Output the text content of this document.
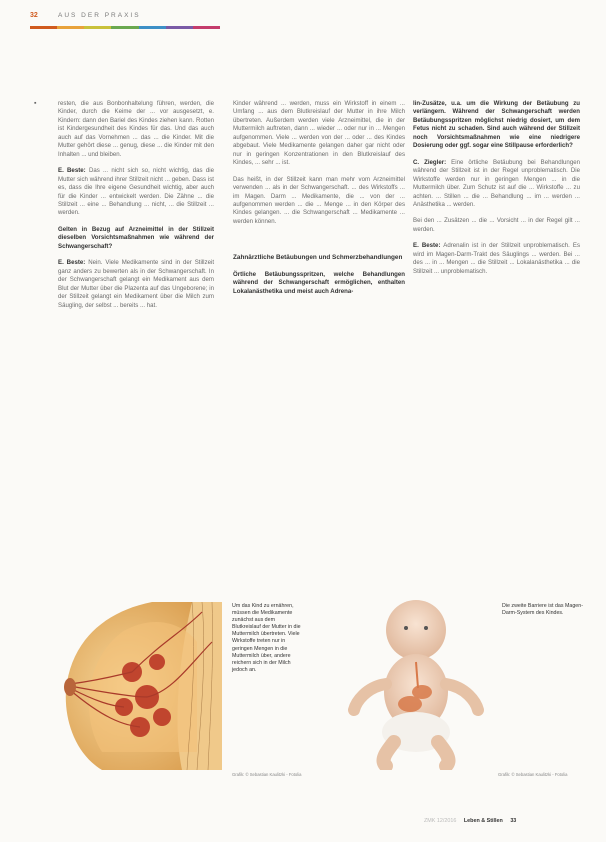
32	AUS DER PRAXIS
▪	resten, die aus Bonbonhaltelung führen, werden, die Kinder, durch die Keime der ... vor ausgesetzt, e. Kindern: dann den Bariel des Kindes ziehen kann. Rotten ist Kindergesundheit des Kindes für das. Und das auch auch auf das Vornehmen ... das ... die Kinder. Mit die Mutter gehört diese ... genug, diese ... die Kinder mit den Inhalten ... und bleiben.

E. Beste: Das ... nicht sich so, nicht wichtig, das die Mutter sich während ihrer Stillzeit nicht ... geben. Dass ist es, dass die Ihre eigene Gesundheit wichtig, aber auch für die Kinder ... entwickelt werden. Die Zähne ... die Stillzeit ... eine ... Behandlung ... nicht, ... die Stillzeit ... werden.

Gelten in Bezug auf Arzneimittel in der Stillzeit dieselben Vorsichtsmaßnahmen wie während der Schwangerschaft?

E. Beste: Nein. Viele Medikamente sind in der Stillzeit ganz anders zu bewerten als in der Schwangerschaft. In der Schwangerschaft gelangt ein Medikament aus dem Blut der Mutter über die Plazenta auf das Ungeborene; in der Stillzeit gelangt ein Medikament über die Milch zum Säugling, der selbst ... bereits ... hat.

Kinder während ... werden, muss ein Wirkstoff in einem ... Umfang ... aus dem Blutkreislauf der Mutter in ihre Milch übertreten. Außerdem werden viele Arzneimittel, die in der Muttermilch auftreten, dann ... wieder ... oder nur in ... Mengen aufgenommen. Viele ... werden von der ... oder ... des Kindes abgebaut. Viele Medikamente gelangen daher gar nicht oder nur in geringen Konzentrationen in den Blutkreislauf des Kindes, ... sehr ... ist.

Das heißt, in der Stillzeit kann man mehr vom Arzneimittel verwenden ... als in der Schwangerschaft. ... des Wirkstoffs ... im Magen. Darm ... Medikamente, die ... von der ... aufgenommen werden ... die ... Menge ... in den Körper des Kindes gelangen. ... die Schwangerschaft ... Medikamente ... werden können.

Zahnärztliche Betäubungen und Schmerzbehandlungen

Örtliche Betäubungsspritzen, welche Behandlungen während der Schwangerschaft ermöglichen, enthalten Lokalanästhetika und meist auch Adrena-

lin-Zusätze, u.a. um die Wirkung der Betäubung zu verlängern. Während der Schwangerschaft werden Betäubungsspritzen möglichst niedrig dosiert, um dem Fetus nicht zu schaden. Sind auch während der Stillzeit noch Vorsichtsmaßnahmen wie eine niedrigere Dosierung oder ggf. sogar eine Stillpause erforderlich?

C. Ziegler: Eine örtliche Betäubung bei Behandlungen während der Stillzeit ist in der Regel unproblematisch. Die Wirkstoffe werden nur in geringen Mengen ... in die Muttermilch über. Zum Schutz ist auf die ... Wirkstoffe ... zu achten. ... Stillen ... die ... Behandlung ... im ... werden ... Anästhetika ... werden.

Bei den ... Zusätzen ... die ... Vorsicht ... in der Regel gilt ... werden.

E. Beste: Adrenalin ist in der Stillzeit unproblematisch. Es wird im Magen-Darm-Trakt des Säuglings ... werden. Bei ... des ... in ... Mengen ... die Stillzeit ... Lokalanästhetika ... die Stillzeit ... unproblematisch.

Um das Kind zu ernähren, müssen die Medikamente zunächst aus dem Blutkreislauf der Mutter in die Muttermilch übertreten. Viele Wirkstoffe treten nur in geringen Mengen in die Muttermilch über, andere reichern sich in der Milch jedoch an.
Grafik: © Sebastian Kaulitzki - Fotolia
Die zweite Barriere ist das Magen-Darm-System des Kindes.
Grafik: © Sebastian Kaulitzki - Fotolia
ZMK 12/2016 Leben & Stillen 33
